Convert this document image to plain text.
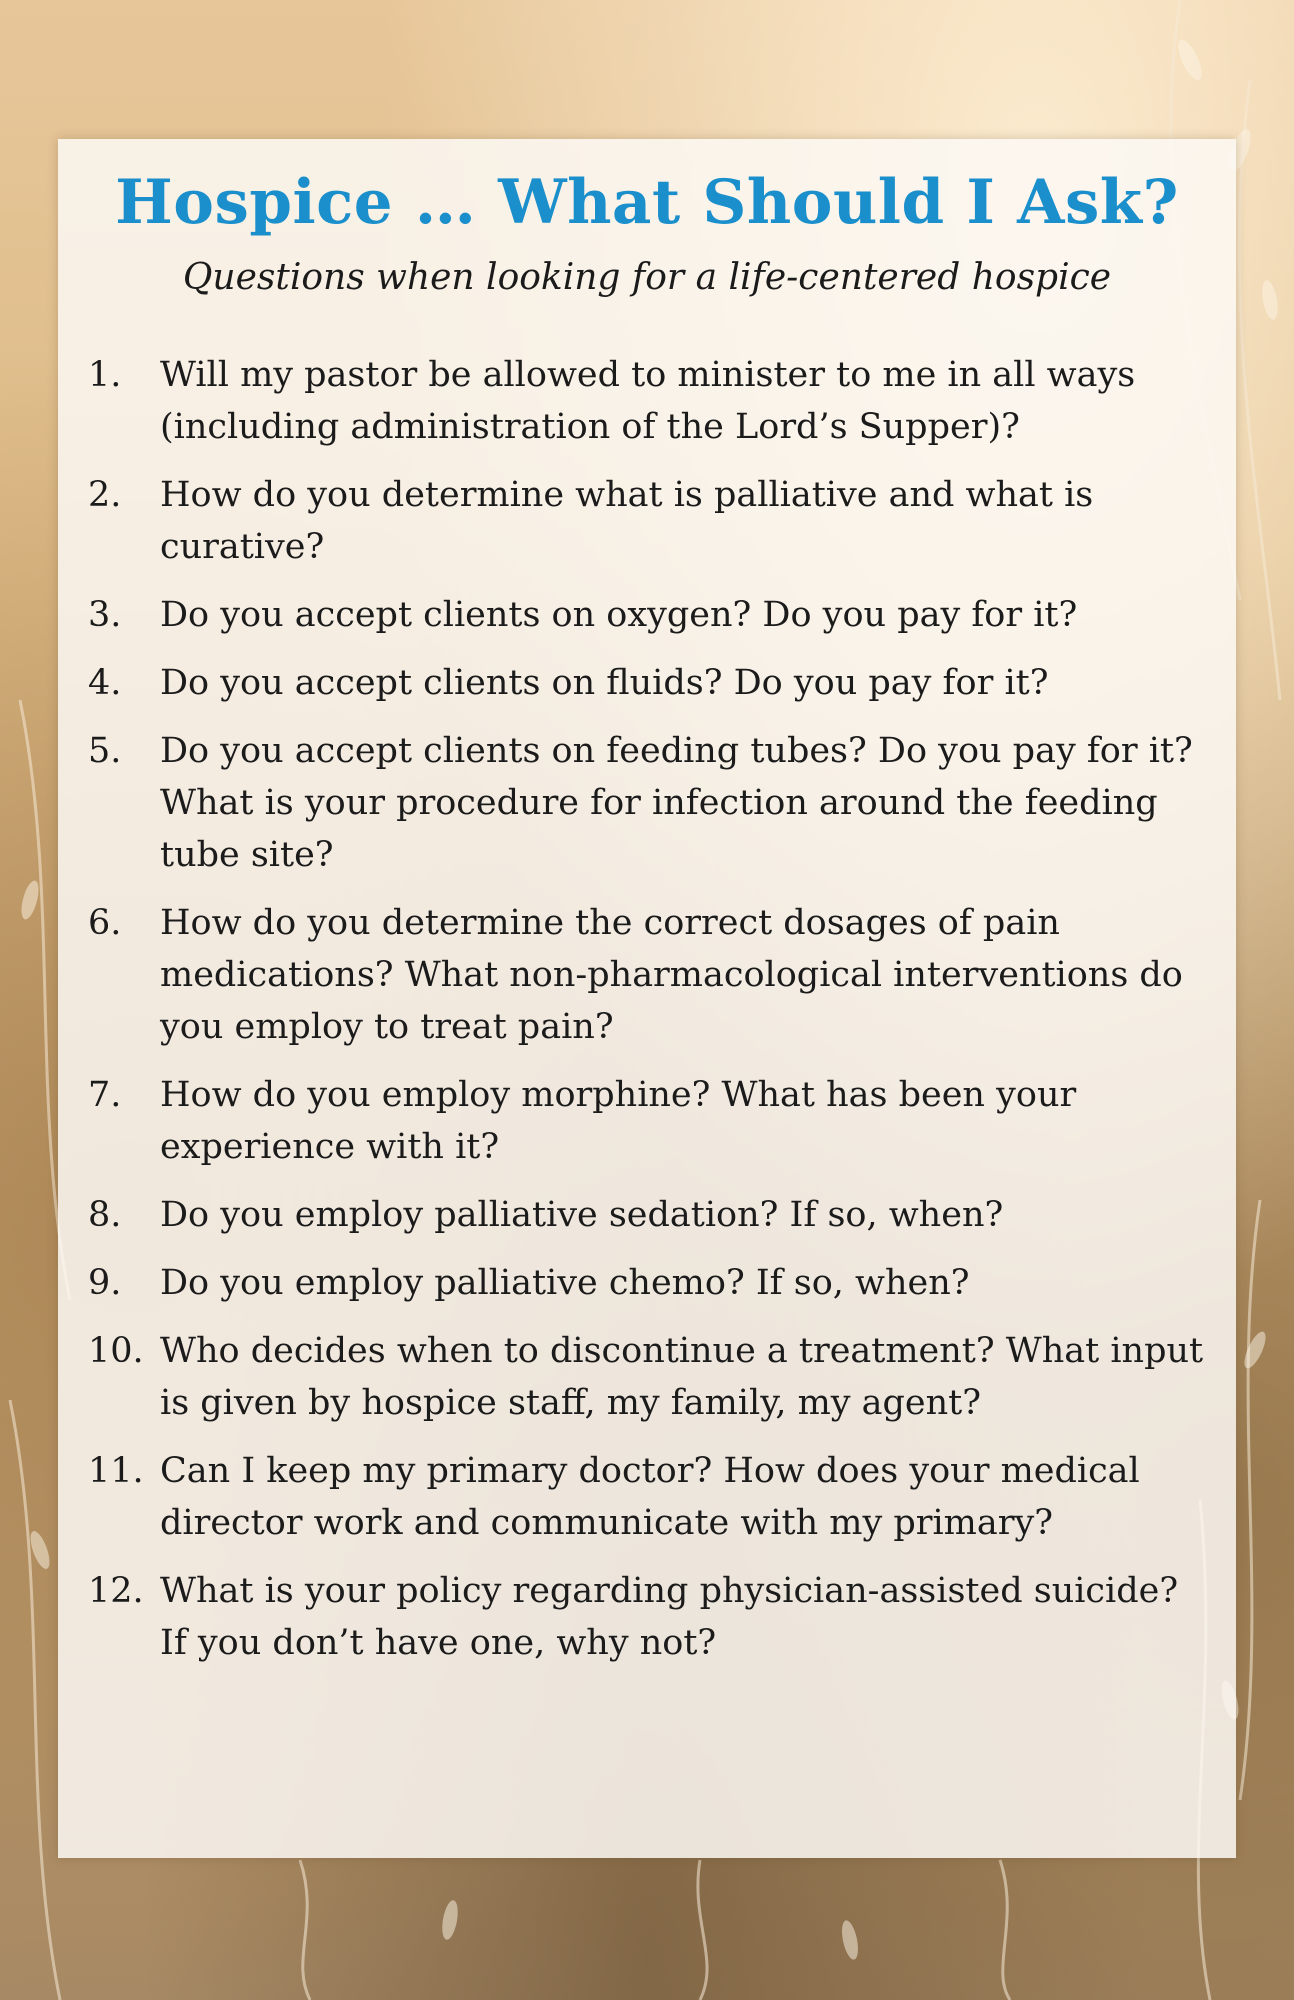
Hospice … What Should I Ask?

Questions when looking for a life-centered hospice

1. Will my pastor be allowed to minister to me in all ways (including administration of the Lord’s Supper)?
2. How do you determine what is palliative and what is curative?
3. Do you accept clients on oxygen? Do you pay for it?
4. Do you accept clients on fluids? Do you pay for it?
5. Do you accept clients on feeding tubes? Do you pay for it? What is your procedure for infection around the feeding tube site?
6. How do you determine the correct dosages of pain medications? What non-pharmacological interventions do you employ to treat pain?
7. How do you employ morphine? What has been your experience with it?
8. Do you employ palliative sedation? If so, when?
9. Do you employ palliative chemo? If so, when?
10. Who decides when to discontinue a treatment? What input is given by hospice staff, my family, my agent?
11. Can I keep my primary doctor? How does your medical director work and communicate with my primary?
12. What is your policy regarding physician-assisted suicide? If you don’t have one, why not?
